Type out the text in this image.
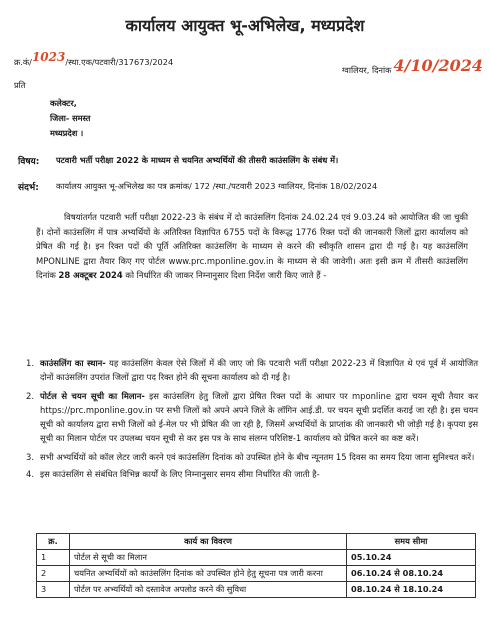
कार्यालय आयुक्त भू-अभिलेख, मध्यप्रदेश
क्र.कं/1023/स्था.एक/पटवारी/317673/2024
ग्वालियर, दिनांक 4/10/2024
प्रति
कलेक्टर,
जिला- समस्त
मध्यप्रदेश ।
विषय: पटवारी भर्ती परीक्षा 2022 के माध्यम से चयनित अभ्यर्थियों की तीसरी काउंसलिंग के संबंध में।
संदर्भ: कार्यालय आयुक्त भू-अभिलेख का पत्र क्रमांक/ 172 /स्था./पटवारी 2023 ग्वालियर, दिनांक 18/02/2024
विषयांतर्गत पटवारी भर्ती परीक्षा 2022-23 के संबंध में दो काउंसलिंग दिनांक 24.02.24 एवं 9.03.24 को आयोजित की जा चुकी हैं। दोनों काउंसलिंग में पात्र अभ्यर्थियों के अतिरिक्त विज्ञापित 6755 पदों के विरूद्ध 1776 रिक्त पदों की जानकारी जिलों द्वारा कार्यालय को प्रेषित की गई है। इन रिक्त पदों की पूर्ति अतिरिक्त काउंसलिंग के माध्यम से करने की स्वीकृति शासन द्वारा दी गई है। यह काउंसलिंग MPONLINE द्वारा तैयार किए गए पोर्टल www.prc.mponline.gov.in के माध्यम से की जावेगी। अतः इसी क्रम में तीसरी काउंसलिंग दिनांक 28 अक्टूबर 2024 को निर्धारित की जाकर निम्नानुसार दिशा निर्देश जारी किए जाते हैं -
1. काउंसलिंग का स्थान- यह काउंसलिंग केवल ऐसे जिलों में की जाए जो कि पटवारी भर्ती परीक्षा 2022-23 में विज्ञापित थे एवं पूर्व में आयोजित दोनों काउंसलिंग उपरांत जिलों द्वारा पद रिक्त होने की सूचना कार्यालय को दी गई है।
2. पोर्टल से चयन सूची का मिलान- इस काउंसलिंग हेतु जिलों द्वारा प्रेषित रिक्त पदों के आधार पर mponline द्वारा चयन सूची तैयार कर https://prc.mponline.gov.in पर सभी जिलों को अपने अपने जिले के लॉगिन आई.डी. पर चयन सूची प्रदर्शित कराई जा रही है। इस चयन सूची को कार्यालय द्वारा सभी जिलों को ई-मेल पर भी प्रेषित की जा रही है, जिसमें अभ्यर्थियों के प्राप्तांक की जानकारी भी जोड़ी गई है। कृपया इस सूची का मिलान पोर्टल पर उपलब्ध चयन सूची से कर इस पत्र के साथ संलग्न परिशिष्ट-1 कार्यालय को प्रेषित करने का कष्ट करें।
3. सभी अभ्यर्थियों को कॉल लेटर जारी करने एवं काउंसलिंग दिनांक को उपस्थित होने के बीच न्यूनतम 15 दिवस का समय दिया जाना सुनिश्चत करें।
4. इस काउंसलिंग से संबंधित विभिन्न कार्यों के लिए निम्नानुसार समय सीमा निर्धारित की जाती है-
क्र.	कार्य का विवरण	समय सीमा
1	पोर्टल से सूची का मिलान	05.10.24
2	चयनित अभ्यर्थियों को काउंसलिंग दिनांक को उपस्थित होने हेतु सूचना पत्र जारी करना	06.10.24 से 08.10.24
3	पोर्टल पर अभ्यर्थियों को दस्तावेज अपलोड करने की सुविधा	08.10.24 से 18.10.24
